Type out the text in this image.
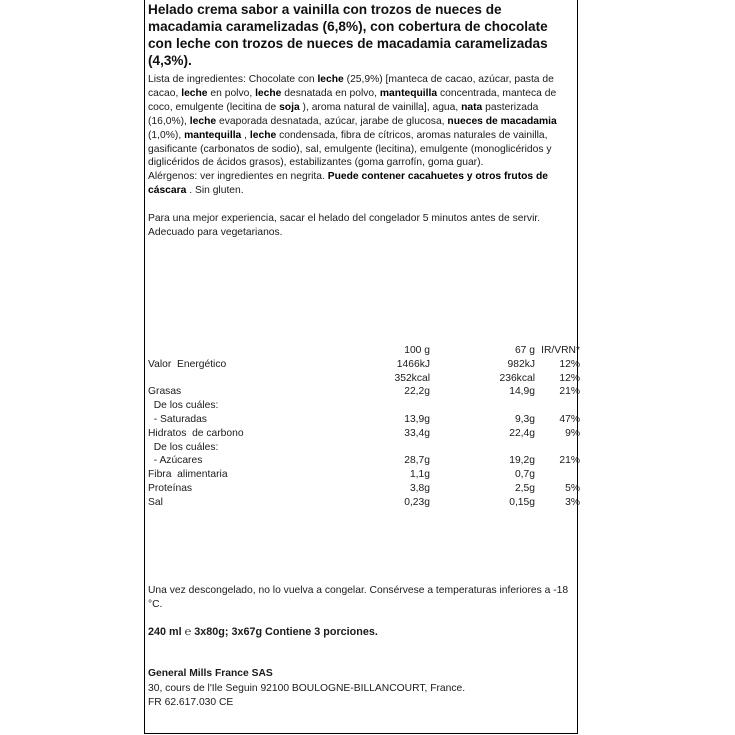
Helado crema sabor a vainilla con trozos de nueces de macadamia caramelizadas (6,8%), con cobertura de chocolate con leche con trozos de nueces de macadamia caramelizadas (4,3%).

Lista de ingredientes: Chocolate con leche (25,9%) [manteca de cacao, azúcar, pasta de cacao, leche en polvo, leche desnatada en polvo, mantequilla concentrada, manteca de coco, emulgente (lecitina de soja ), aroma natural de vainilla], agua, nata pasterizada (16,0%), leche evaporada desnatada, azúcar, jarabe de glucosa, nueces de macadamia (1,0%), mantequilla , leche condensada, fibra de cítricos, aromas naturales de vainilla, gasificante (carbonatos de sodio), sal, emulgente (lecitina), emulgente (monoglicéridos y diglicéridos de ácidos grasos), estabilizantes (goma garrofín, goma guar).
Alérgenos: ver ingredientes en negrita. Puede contener cacahuetes y otros frutos de cáscara . Sin gluten.

Para una mejor experiencia, sacar el helado del congelador 5 minutos antes de servir.

Adecuado para vegetarianos.

	100 g	67 g	IR/VRN*
Valor  Energético	1466kJ	982kJ	12%
	352kcal	236kcal	12%
Grasas	22,2g	14,9g	21%
De los cuáles:			
- Saturadas	13,9g	9,3g	47%
Hidratos  de carbono	33,4g	22,4g	9%
De los cuáles:			
- Azúcares	28,7g	19,2g	21%
Fibra  alimentaria	1,1g	0,7g	
Proteínas	3,8g	2,5g	5%
Sal	0,23g	0,15g	3%

Una vez descongelado, no lo vuelva a congelar. Consérvese a temperaturas inferiores a -18 °C.

240 ml ℮ 3x80g; 3x67g Contiene 3 porciones.

General Mills France SAS
30, cours de l'Ile Seguin 92100 BOULOGNE-BILLANCOURT, France.
FR 62.617.030 CE
